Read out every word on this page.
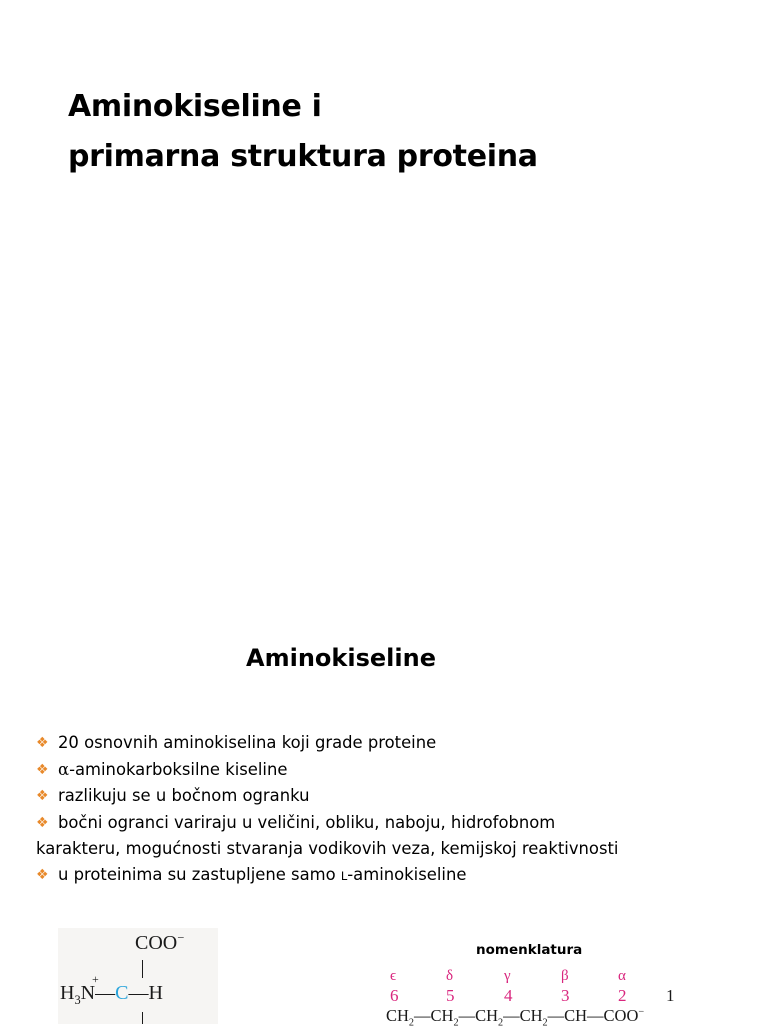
Aminokiseline i
primarna struktura proteina
Aminokiseline
❖ 20 osnovnih aminokiselina koji grade proteine
❖ α-aminokarboksilne kiseline
❖ razlikuju se u bočnom ogranku
❖ bočni ogranci variraju u veličini, obliku, naboju, hidrofobnom
karakteru, mogućnosti stvaranja vodikovih veza, kemijskoj reaktivnosti
❖ u proteinima su zastupljene samo L-aminokiseline
COO−
+
$H_3N—C—H$
nomenklatura
ϵ	δ	γ	β	α
6	5	4	3	2 1
$CH_2—CH_2—CH_2—CH_2—CH—COO^-$
